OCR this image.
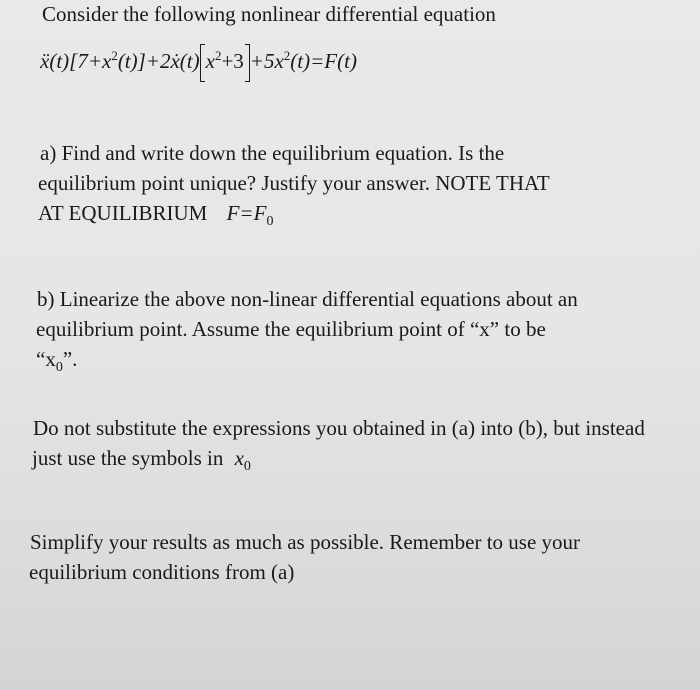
Consider the following nonlinear differential equation
$ẍ(t)[7+x^2(t)]+2ẋ(t)$ $x^2+3 +5x^2(t)=F(t)$
a) Find and write down the equilibrium equation. Is the
equilibrium point unique? Justify your answer. NOTE THAT
AT EQUILIBRIUM $F=F_0$
b) Linearize the above non-linear differential equations about an
equilibrium point. Assume the equilibrium point of “x” to be
“$x_0$”.
Do not substitute the expressions you obtained in (a) into (b), but instead
just use the symbols in $x_0$
Simplify your results as much as possible. Remember to use your
equilibrium conditions from (a)
